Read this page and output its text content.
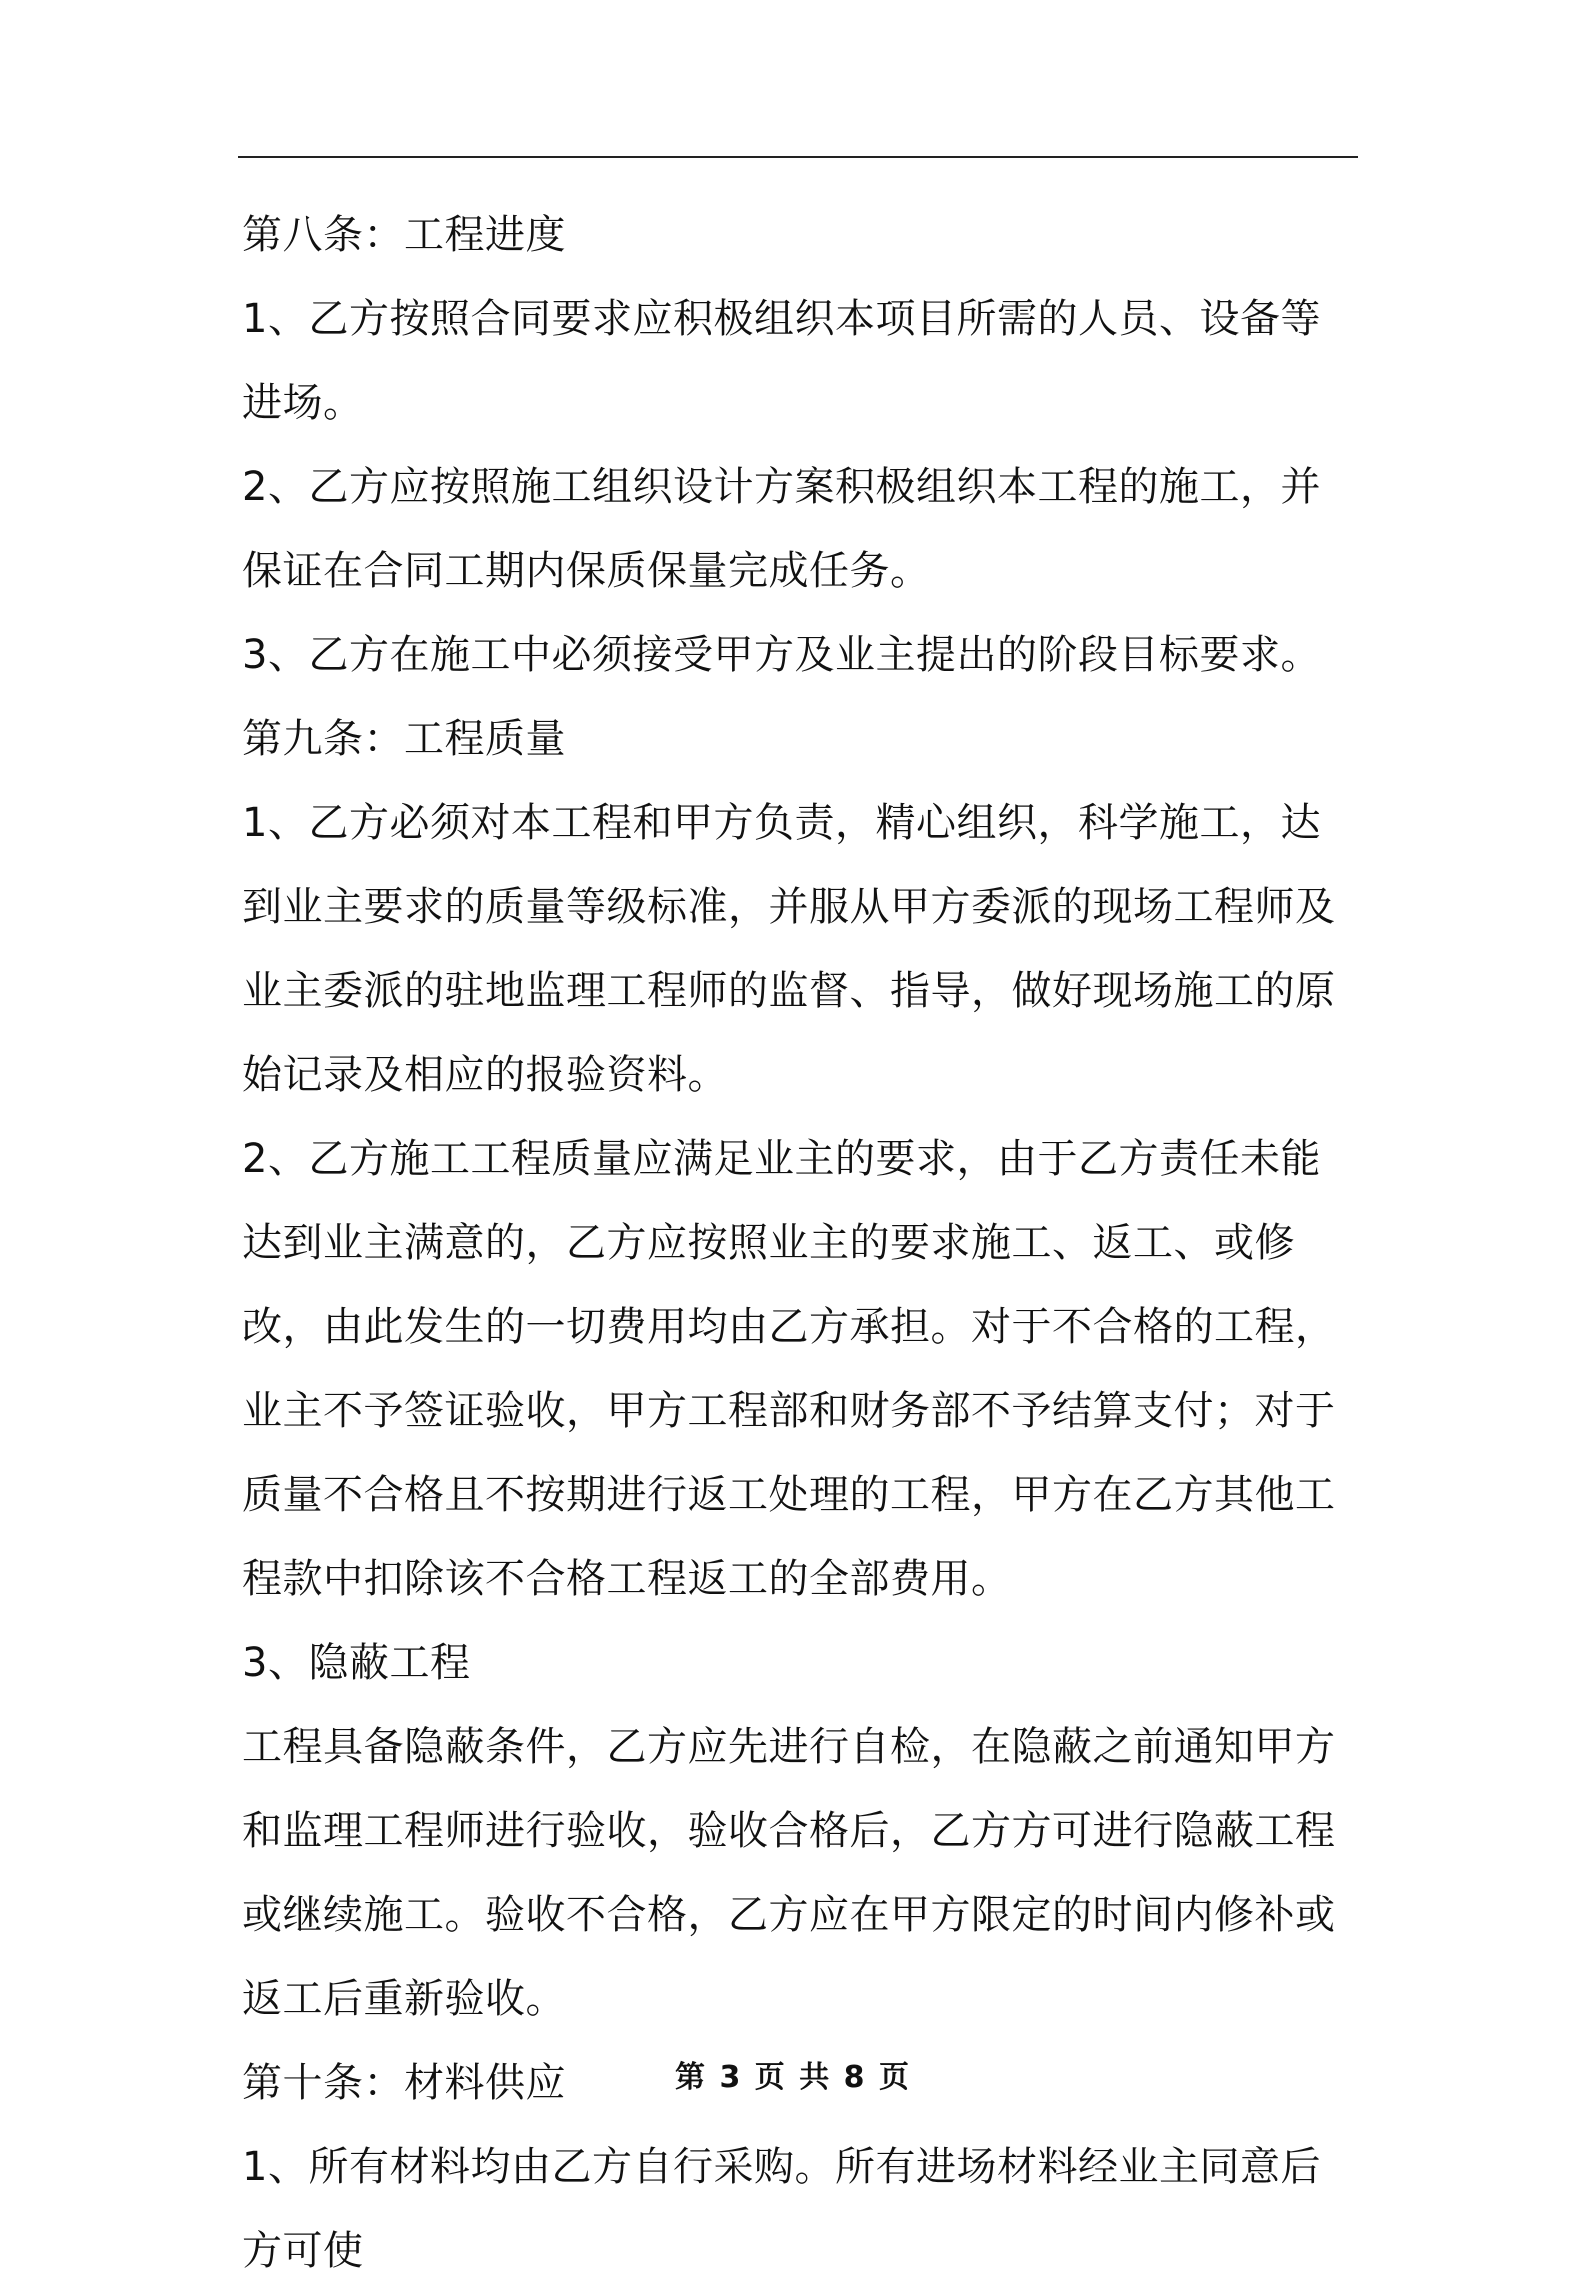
第八条：工程进度

1、乙方按照合同要求应积极组织本项目所需的人员、设备等进场。

2、乙方应按照施工组织设计方案积极组织本工程的施工，并保证在合同工期内保质保量完成任务。

3、乙方在施工中必须接受甲方及业主提出的阶段目标要求。

第九条：工程质量

1、乙方必须对本工程和甲方负责，精心组织，科学施工，达到业主要求的质量等级标准，并服从甲方委派的现场工程师及业主委派的驻地监理工程师的监督、指导，做好现场施工的原始记录及相应的报验资料。

2、乙方施工工程质量应满足业主的要求，由于乙方责任未能达到业主满意的，乙方应按照业主的要求施工、返工、或修改，由此发生的一切费用均由乙方承担。对于不合格的工程，业主不予签证验收，甲方工程部和财务部不予结算支付；对于质量不合格且不按期进行返工处理的工程，甲方在乙方其他工程款中扣除该不合格工程返工的全部费用。

3、隐蔽工程

工程具备隐蔽条件，乙方应先进行自检，在隐蔽之前通知甲方和监理工程师进行验收，验收合格后，乙方方可进行隐蔽工程或继续施工。验收不合格，乙方应在甲方限定的时间内修补或返工后重新验收。

第十条：材料供应

1、所有材料均由乙方自行采购。所有进场材料经业主同意后方可使

第 3 页 共 8 页
